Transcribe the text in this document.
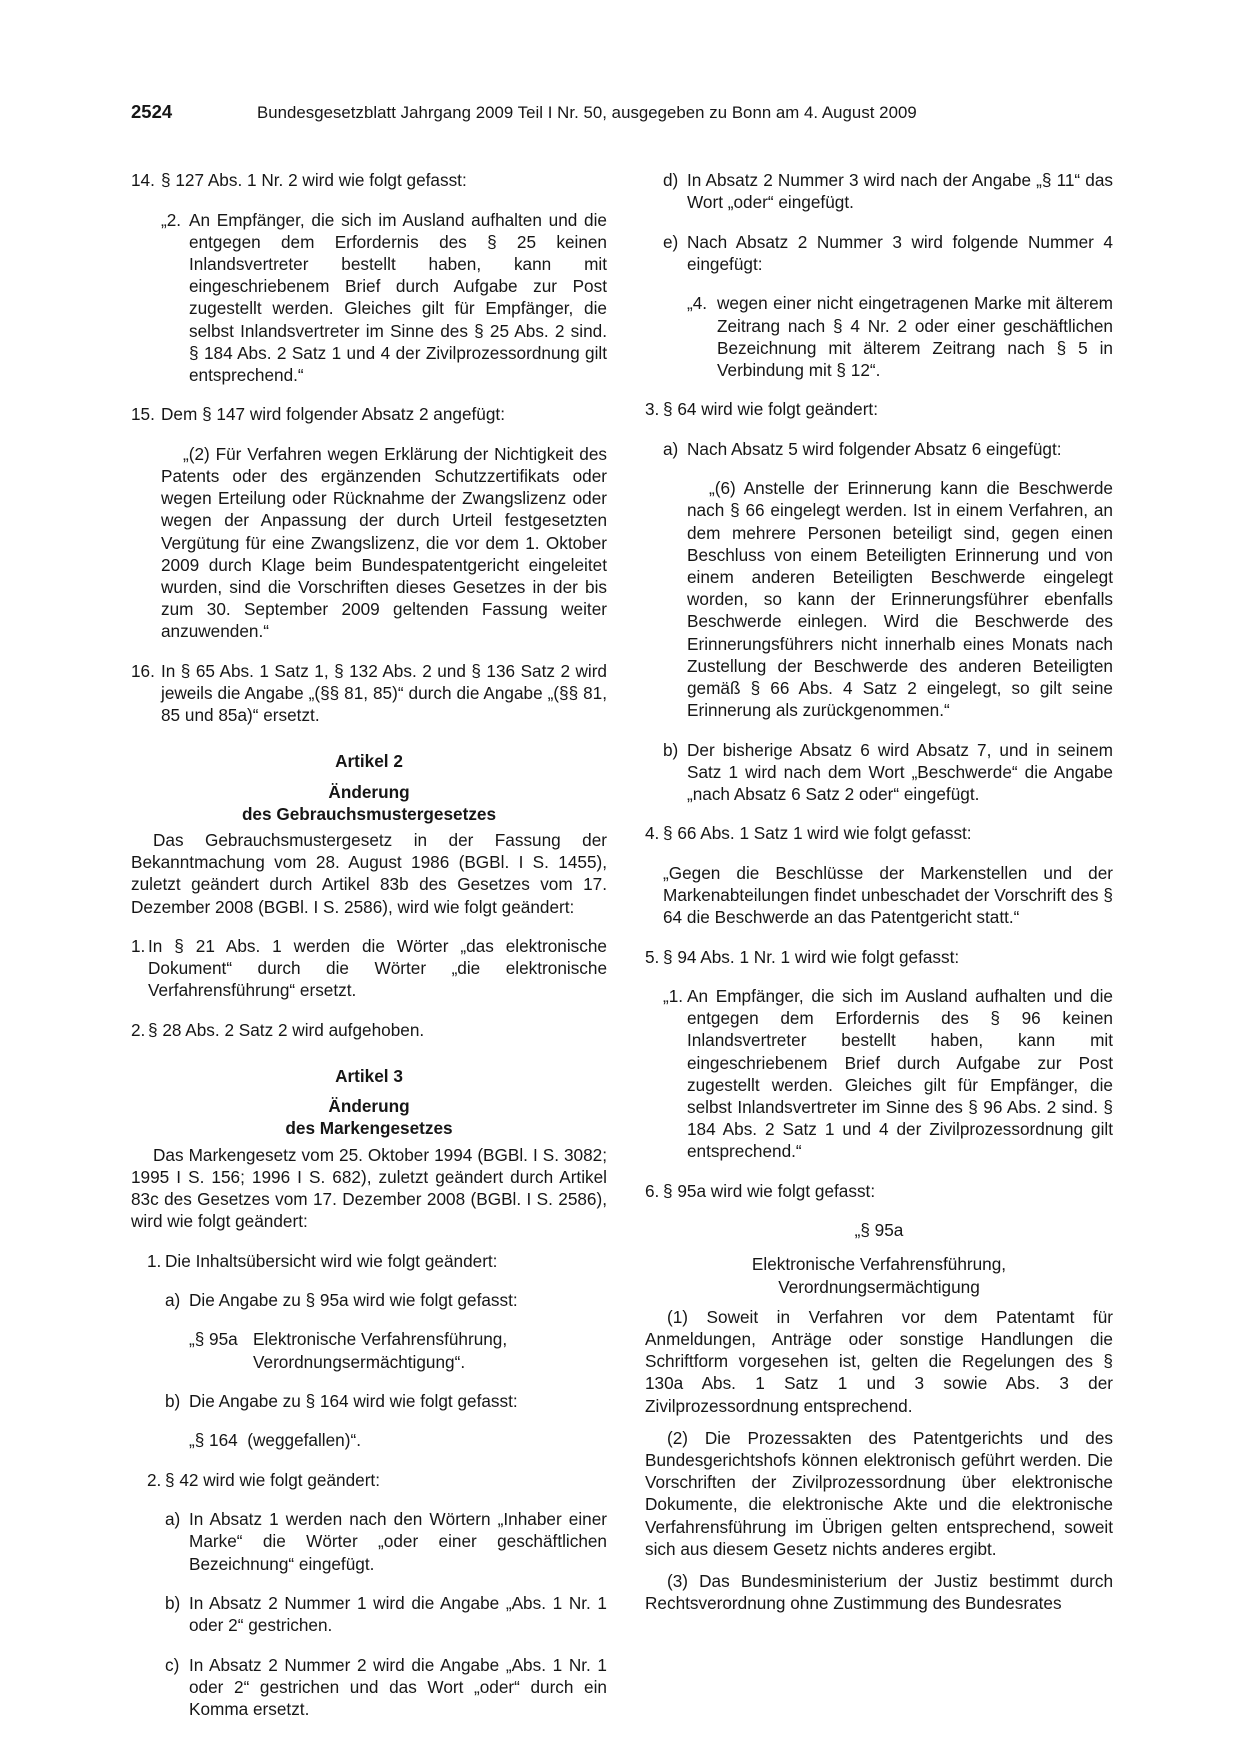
2524	Bundesgesetzblatt Jahrgang 2009 Teil I Nr. 50, ausgegeben zu Bonn am 4. August 2009
14. § 127 Abs. 1 Nr. 2 wird wie folgt gefasst:

„2. An Empfänger, die sich im Ausland aufhalten und die entgegen dem Erfordernis des § 25 keinen Inlandsvertreter bestellt haben, kann mit eingeschriebenem Brief durch Aufgabe zur Post zugestellt werden. Gleiches gilt für Empfänger, die selbst Inlandsvertreter im Sinne des § 25 Abs. 2 sind. § 184 Abs. 2 Satz 1 und 4 der Zivilprozessordnung gilt entsprechend.“

15. Dem § 147 wird folgender Absatz 2 angefügt:

„(2) Für Verfahren wegen Erklärung der Nichtigkeit des Patents oder des ergänzenden Schutzzertifikats oder wegen Erteilung oder Rücknahme der Zwangslizenz oder wegen der Anpassung der durch Urteil festgesetzten Vergütung für eine Zwangslizenz, die vor dem 1. Oktober 2009 durch Klage beim Bundespatentgericht eingeleitet wurden, sind die Vorschriften dieses Gesetzes in der bis zum 30. September 2009 geltenden Fassung weiter anzuwenden.“

16. In § 65 Abs. 1 Satz 1, § 132 Abs. 2 und § 136 Satz 2 wird jeweils die Angabe „(§§ 81, 85)“ durch die Angabe „(§§ 81, 85 und 85a)“ ersetzt.

Artikel 2

Änderung

des Gebrauchsmustergesetzes

Das Gebrauchsmustergesetz in der Fassung der Bekanntmachung vom 28. August 1986 (BGBl. I S. 1455), zuletzt geändert durch Artikel 83b des Gesetzes vom 17. Dezember 2008 (BGBl. I S. 2586), wird wie folgt geändert:

1. In § 21 Abs. 1 werden die Wörter „das elektronische Dokument“ durch die Wörter „die elektronische Verfahrensführung“ ersetzt.

2. § 28 Abs. 2 Satz 2 wird aufgehoben.

Artikel 3

Änderung

des Markengesetzes

Das Markengesetz vom 25. Oktober 1994 (BGBl. I S. 3082; 1995 I S. 156; 1996 I S. 682), zuletzt geändert durch Artikel 83c des Gesetzes vom 17. Dezember 2008 (BGBl. I S. 2586), wird wie folgt geändert:

1. Die Inhaltsübersicht wird wie folgt geändert:

a) Die Angabe zu § 95a wird wie folgt gefasst:

„§ 95a Elektronische Verfahrensführung, Verordnungsermächtigung“.

b) Die Angabe zu § 164 wird wie folgt gefasst:

„§ 164  (weggefallen)“.

2. § 42 wird wie folgt geändert:

a) In Absatz 1 werden nach den Wörtern „Inhaber einer Marke“ die Wörter „oder einer geschäftlichen Bezeichnung“ eingefügt.

b) In Absatz 2 Nummer 1 wird die Angabe „Abs. 1 Nr. 1 oder 2“ gestrichen.

c) In Absatz 2 Nummer 2 wird die Angabe „Abs. 1 Nr. 1 oder 2“ gestrichen und das Wort „oder“ durch ein Komma ersetzt.

d) In Absatz 2 Nummer 3 wird nach der Angabe „§ 11“ das Wort „oder“ eingefügt.

e) Nach Absatz 2 Nummer 3 wird folgende Nummer 4 eingefügt:

„4. wegen einer nicht eingetragenen Marke mit älterem Zeitrang nach § 4 Nr. 2 oder einer geschäftlichen Bezeichnung mit älterem Zeitrang nach § 5 in Verbindung mit § 12“.

3. § 64 wird wie folgt geändert:

a) Nach Absatz 5 wird folgender Absatz 6 eingefügt:

„(6) Anstelle der Erinnerung kann die Beschwerde nach § 66 eingelegt werden. Ist in einem Verfahren, an dem mehrere Personen beteiligt sind, gegen einen Beschluss von einem Beteiligten Erinnerung und von einem anderen Beteiligten Beschwerde eingelegt worden, so kann der Erinnerungsführer ebenfalls Beschwerde einlegen. Wird die Beschwerde des Erinnerungsführers nicht innerhalb eines Monats nach Zustellung der Beschwerde des anderen Beteiligten gemäß § 66 Abs. 4 Satz 2 eingelegt, so gilt seine Erinnerung als zurückgenommen.“

b) Der bisherige Absatz 6 wird Absatz 7, und in seinem Satz 1 wird nach dem Wort „Beschwerde“ die Angabe „nach Absatz 6 Satz 2 oder“ eingefügt.

4. § 66 Abs. 1 Satz 1 wird wie folgt gefasst:

„Gegen die Beschlüsse der Markenstellen und der Markenabteilungen findet unbeschadet der Vorschrift des § 64 die Beschwerde an das Patentgericht statt.“

5. § 94 Abs. 1 Nr. 1 wird wie folgt gefasst:

„1. An Empfänger, die sich im Ausland aufhalten und die entgegen dem Erfordernis des § 96 keinen Inlandsvertreter bestellt haben, kann mit eingeschriebenem Brief durch Aufgabe zur Post zugestellt werden. Gleiches gilt für Empfänger, die selbst Inlandsvertreter im Sinne des § 96 Abs. 2 sind. § 184 Abs. 2 Satz 1 und 4 der Zivilprozessordnung gilt entsprechend.“

6. § 95a wird wie folgt gefasst:

„§ 95a

Elektronische Verfahrensführung,

Verordnungsermächtigung

(1) Soweit in Verfahren vor dem Patentamt für Anmeldungen, Anträge oder sonstige Handlungen die Schriftform vorgesehen ist, gelten die Regelungen des § 130a Abs. 1 Satz 1 und 3 sowie Abs. 3 der Zivilprozessordnung entsprechend.

(2) Die Prozessakten des Patentgerichts und des Bundesgerichtshofs können elektronisch geführt werden. Die Vorschriften der Zivilprozessordnung über elektronische Dokumente, die elektronische Akte und die elektronische Verfahrensführung im Übrigen gelten entsprechend, soweit sich aus diesem Gesetz nichts anderes ergibt.

(3) Das Bundesministerium der Justiz bestimmt durch Rechtsverordnung ohne Zustimmung des Bundesrates
